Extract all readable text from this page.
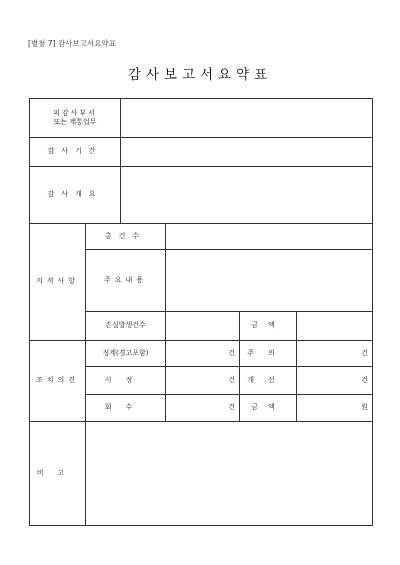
[별첨 7] 감사보고서요약표
감사보고서요약표
피감사부서
또는 계통업무					
감사기간					
감사개요					
지적사항	총건수				
	주요내용				
	손실발생건수			금액	
조치의견	징계(경고포함)		건	주의	건

	시정		건	개선	건

	회수		건	금액	원

비고					
